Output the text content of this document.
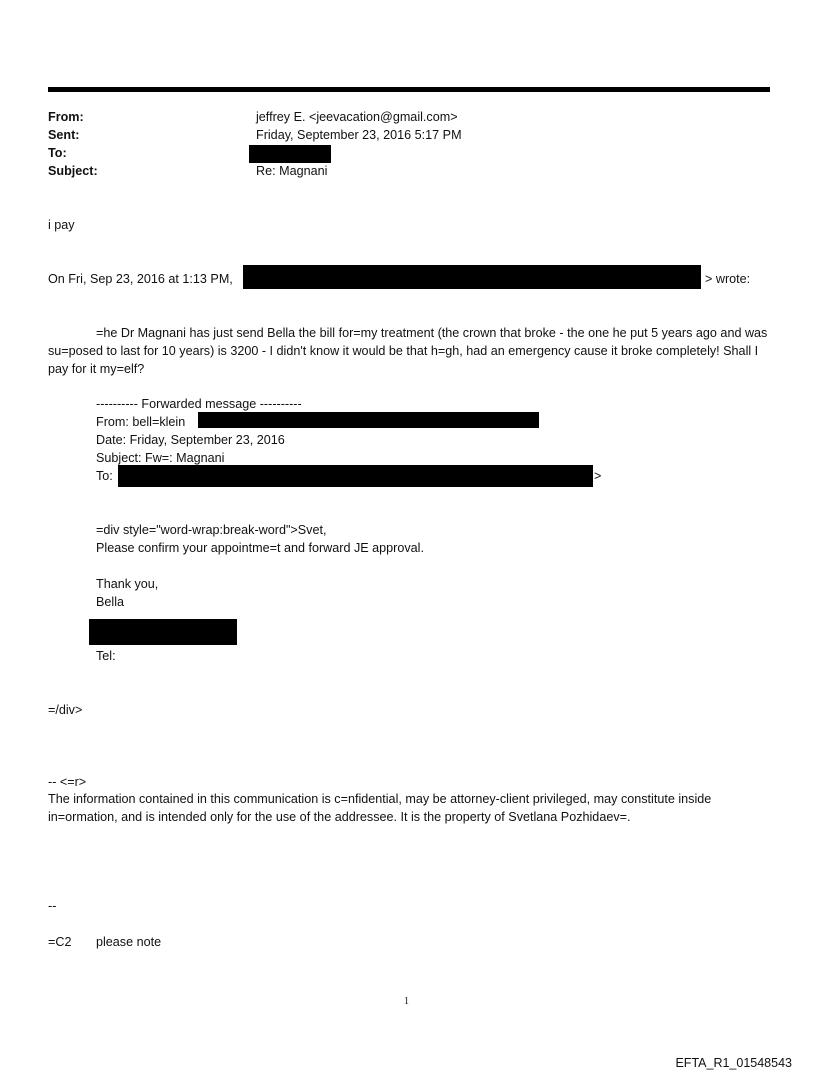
From:	jeffrey E. <jeevacation@gmail.com>
Sent:	Friday, September 23, 2016 5:17 PM
To:
Subject:	Re: Magnani
i pay
On Fri, Sep 23, 2016 at 1:13 PM,	> wrote:
=he Dr Magnani has just send Bella the bill for=my treatment (the crown that broke - the one he put 5 years ago and was su=posed to last for 10 years) is 3200 - I didn't know it would be that h=gh, had an emergency cause it broke completely! Shall I pay for it my=elf?
---------- Forwarded message ----------
From: bell=klein
Date: Friday, September 23, 2016
Subject: Fw=: Magnani
To:	>
=div style="word-wrap:break-word">Svet,
Please confirm your appointme=t and forward JE approval.
Thank you,
Bella
Tel:
=/div>
-- <=r>
The information contained in this communication is c=nfidential, may be attorney-client privileged, may constitute inside in=ormation, and is intended only for the use of the addressee. It is the property of Svetlana Pozhidaev=.
--
=C2 please note
1
EFTA_R1_01548543
